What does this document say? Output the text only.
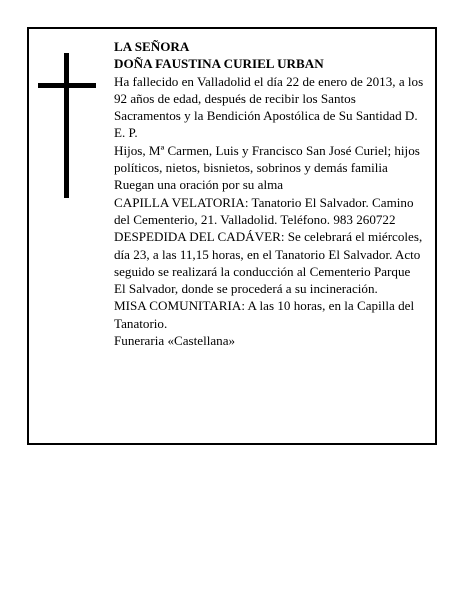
LA SEÑORA

DOÑA FAUSTINA CURIEL URBAN

Ha fallecido en Valladolid el día 22 de enero de 2013, a los 92 años de edad, después de recibir los Santos Sacramentos y la Bendición Apostólica de Su Santidad D. E. P.

Hijos, Mª Carmen, Luis y Francisco San José Curiel; hijos políticos, nietos, bisnietos, sobrinos y demás familia

Ruegan una oración por su alma

CAPILLA VELATORIA: Tanatorio El Salvador. Camino del Cementerio, 21. Valladolid. Teléfono. 983 260722

DESPEDIDA DEL CADÁVER: Se celebrará el miércoles, día 23, a las 11,15 horas, en el Tanatorio El Salvador. Acto seguido se realizará la conducción al Cementerio Parque El Salvador, donde se procederá a su incineración.

MISA COMUNITARIA: A las 10 horas, en la Capilla del Tanatorio.

Funeraria «Castellana»
